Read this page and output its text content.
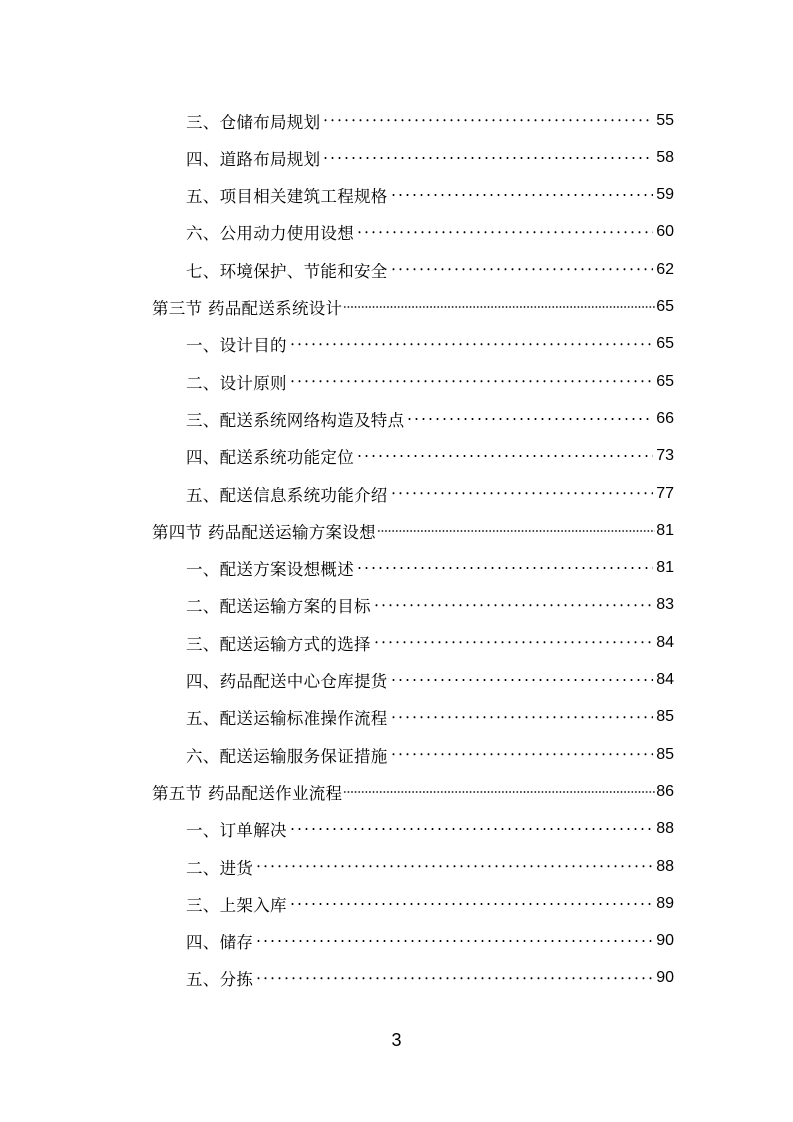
三、仓储布局规划	55
四、道路布局规划	58
五、项目相关建筑工程规格	59
六、公用动力使用设想	60
七、环境保护、节能和安全	62
第三节 药品配送系统设计	65
一、设计目的	65
二、设计原则	65
三、配送系统网络构造及特点	66
四、配送系统功能定位	73
五、配送信息系统功能介绍	77
第四节 药品配送运输方案设想	81
一、配送方案设想概述	81
二、配送运输方案的目标	83
三、配送运输方式的选择	84
四、药品配送中心仓库提货	84
五、配送运输标准操作流程	85
六、配送运输服务保证措施	85
第五节 药品配送作业流程	86
一、订单解决	88
二、进货	88
三、上架入库	89
四、储存	90
五、分拣	90
3
